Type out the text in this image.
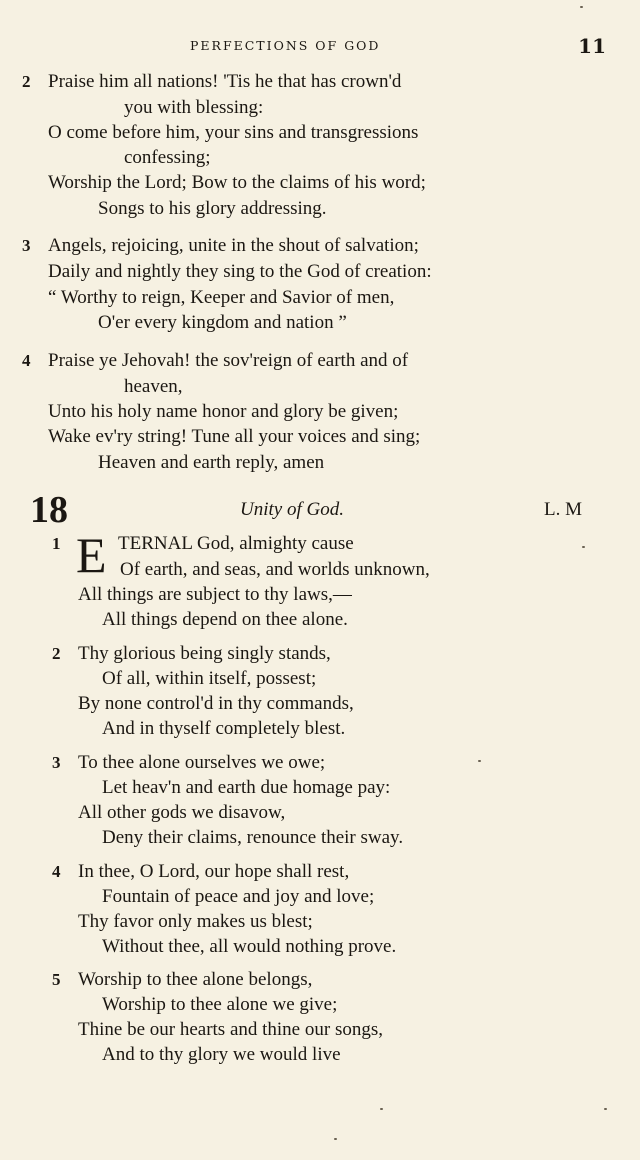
PERFECTIONS OF GOD	11
2 Praise him all nations! 'Tis he that has crown'd
you with blessing:
O come before him, your sins and transgressions
confessing;
Worship the Lord; Bow to the claims of his word;
Songs to his glory addressing.
3 Angels, rejoicing, unite in the shout of salvation;
Daily and nightly they sing to the God of creation:
“ Worthy to reign, Keeper and Savior of men,
O'er every kingdom and nation ”
4 Praise ye Jehovah! the sov'reign of earth and of
heaven,
Unto his holy name honor and glory be given;
Wake ev'ry string! Tune all your voices and sing;
Heaven and earth reply, amen
18	Unity of God.	L. M
1 E TERNAL God, almighty cause
Of earth, and seas, and worlds unknown,
All things are subject to thy laws,—
All things depend on thee alone.
2 Thy glorious being singly stands,
Of all, within itself, possest;
By none control'd in thy commands,
And in thyself completely blest.
3 To thee alone ourselves we owe;
Let heav'n and earth due homage pay:
All other gods we disavow,
Deny their claims, renounce their sway.
4 In thee, O Lord, our hope shall rest,
Fountain of peace and joy and love;
Thy favor only makes us blest;
Without thee, all would nothing prove.
5 Worship to thee alone belongs,
Worship to thee alone we give;
Thine be our hearts and thine our songs,
And to thy glory we would live
